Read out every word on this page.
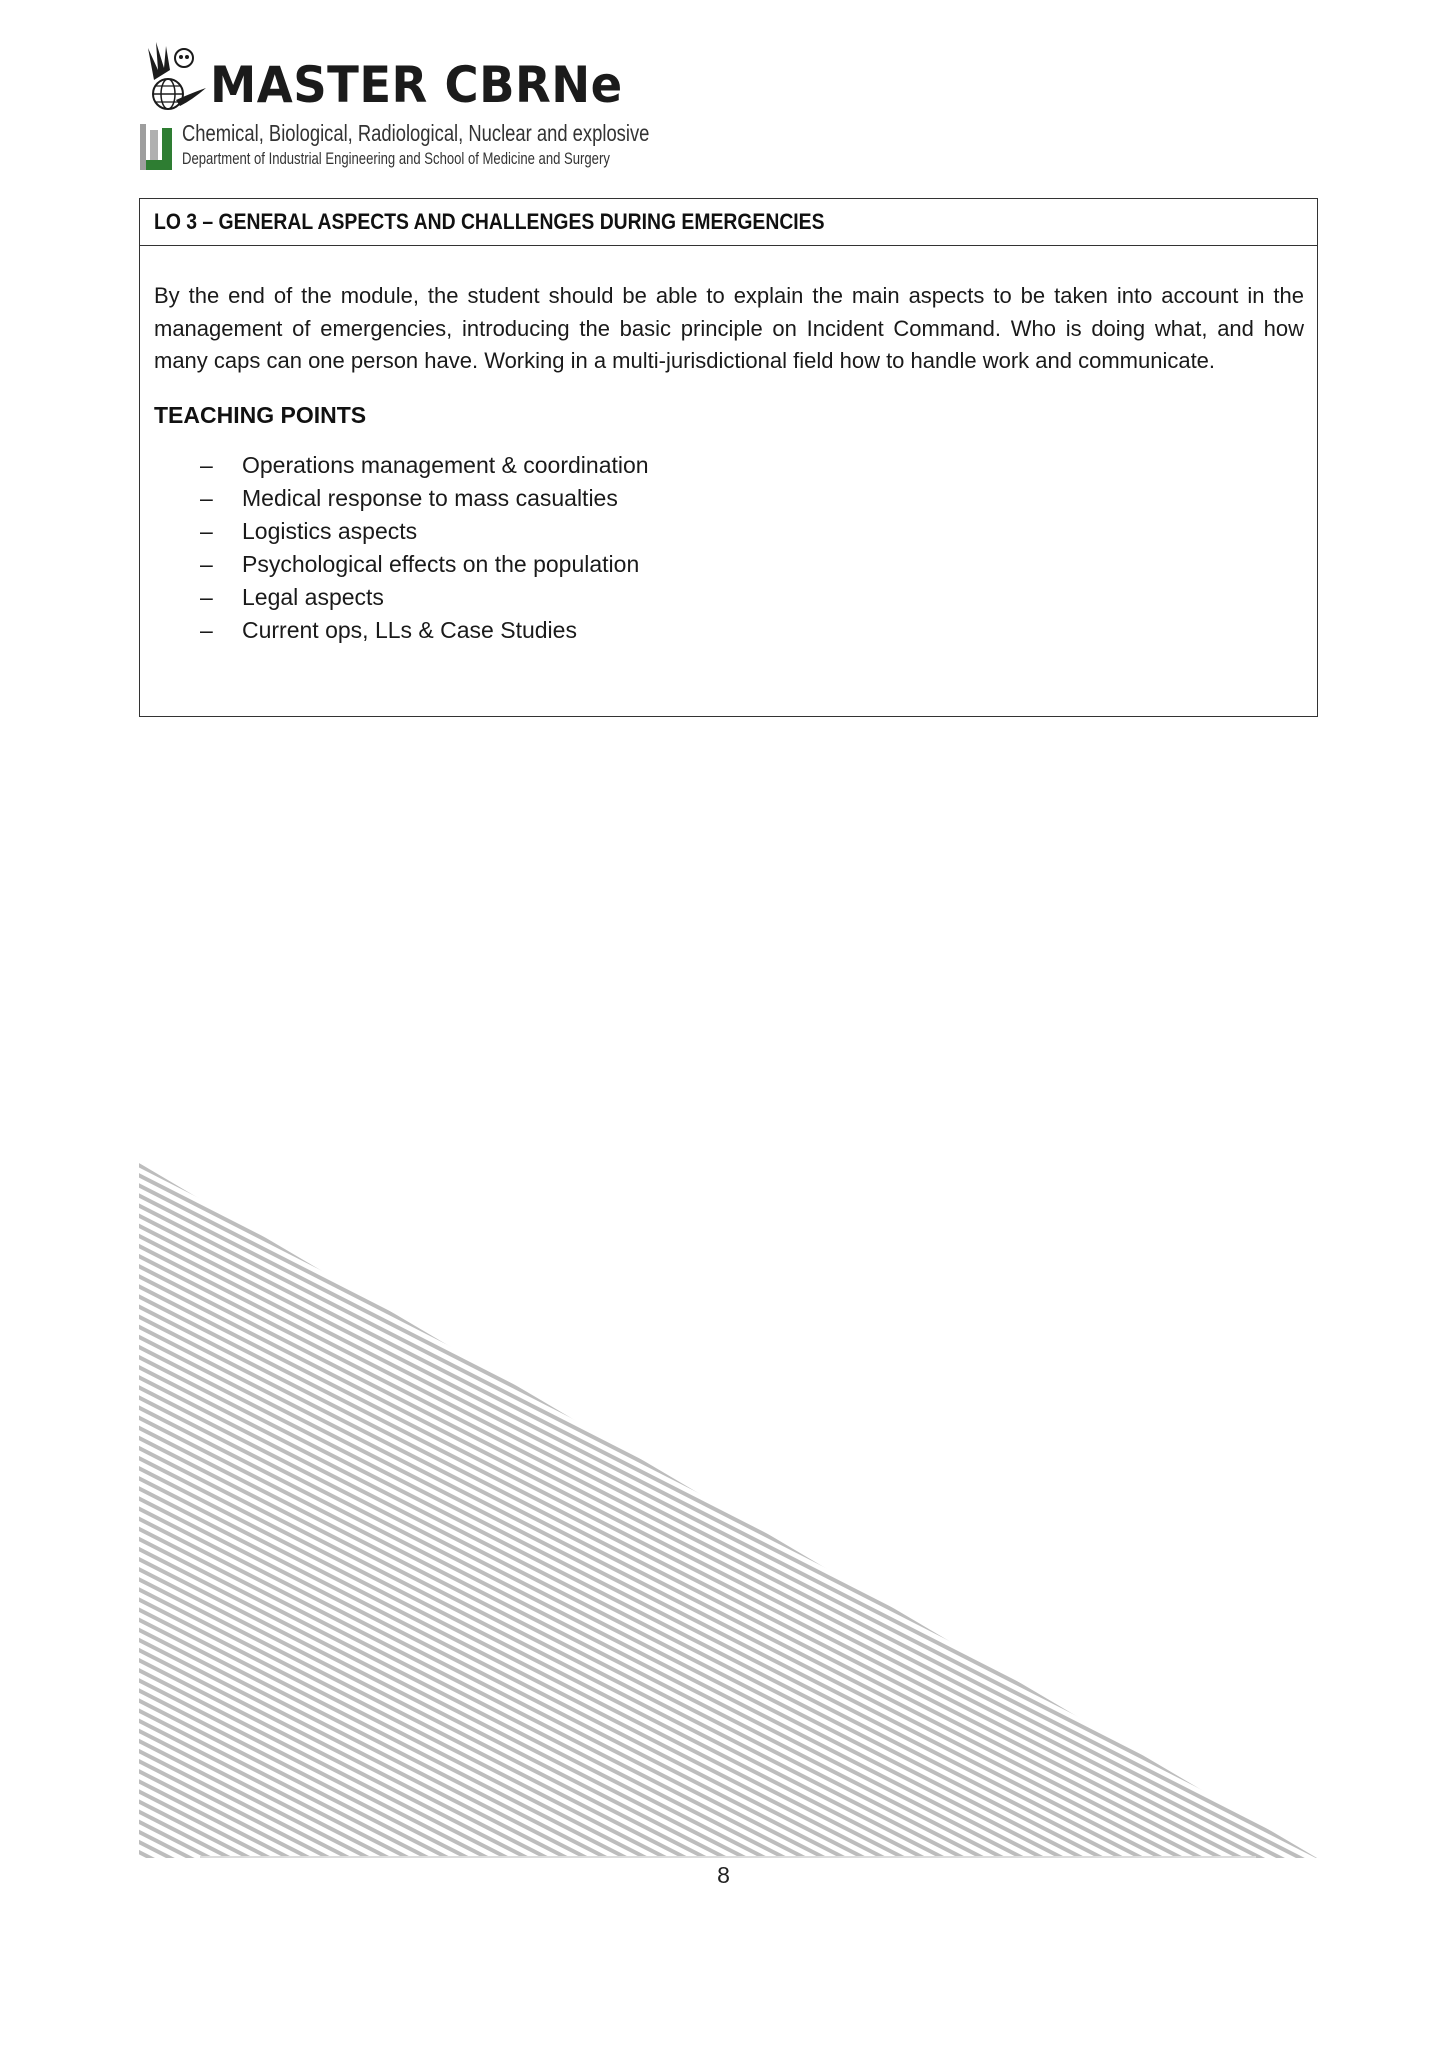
MASTER CBRNe
Chemical, Biological, Radiological, Nuclear and explosive
Department of Industrial Engineering and School of Medicine and Surgery
LO 3 – GENERAL ASPECTS AND CHALLENGES DURING EMERGENCIES

By the end of the module, the student should be able to explain the main aspects to be taken into account in the management of emergencies, introducing the basic principle on Incident Command. Who is doing what, and how many caps can one person have. Working in a multi-jurisdictional field how to handle work and communicate.

TEACHING POINTS
– Operations management & coordination
– Medical response to mass casualties
– Logistics aspects
– Psychological effects on the population
– Legal aspects
– Current ops, LLs & Case Studies
8
